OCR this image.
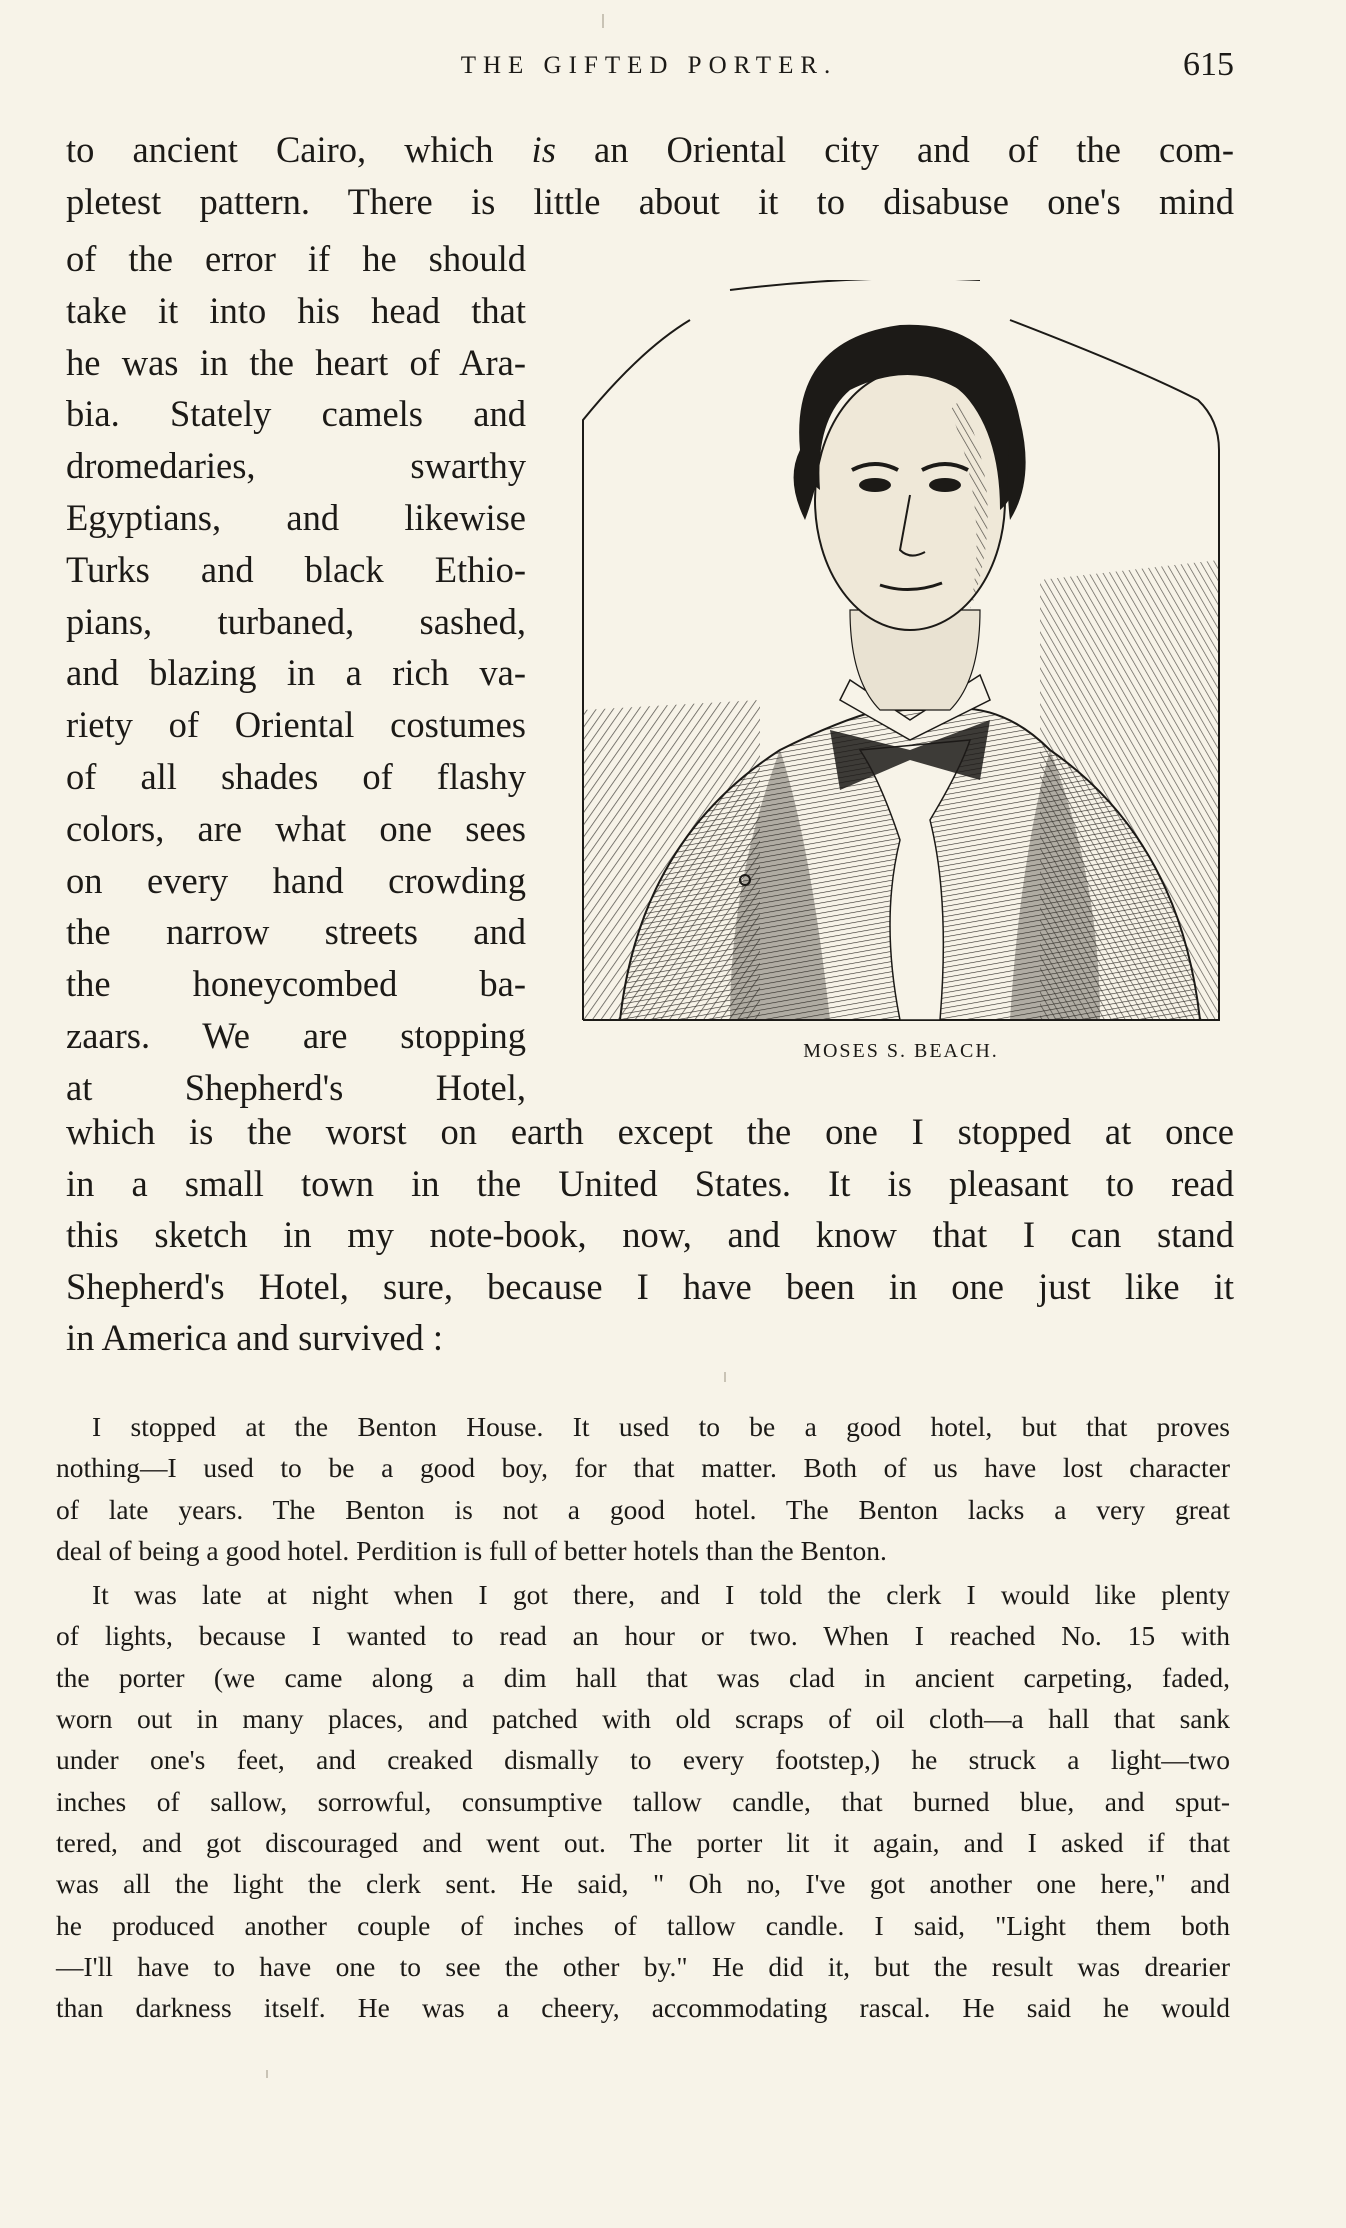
THE GIFTED PORTER.	615
to ancient Cairo, which is an Oriental city and of the com-
pletest pattern. There is little about it to disabuse one's mind
of the error if he should
take it into his head that
he was in the heart of Ara-
bia. Stately camels and
dromedaries, swarthy
Egyptians, and likewise
Turks and black Ethio-
pians, turbaned, sashed,
and blazing in a rich va-
riety of Oriental costumes
of all shades of flashy
colors, are what one sees
on every hand crowding
the narrow streets and
the honeycombed ba-
zaars. We are stopping
at Shepherd's Hotel,
MOSES S. BEACH.
which is the worst on earth except the one I stopped at once
in a small town in the United States. It is pleasant to read
this sketch in my note-book, now, and know that I can stand
Shepherd's Hotel, sure, because I have been in one just like it
in America and survived :
I stopped at the Benton House. It used to be a good hotel, but that proves
nothing—I used to be a good boy, for that matter. Both of us have lost character
of late years. The Benton is not a good hotel. The Benton lacks a very great
deal of being a good hotel. Perdition is full of better hotels than the Benton.
It was late at night when I got there, and I told the clerk I would like plenty
of lights, because I wanted to read an hour or two. When I reached No. 15 with
the porter (we came along a dim hall that was clad in ancient carpeting, faded,
worn out in many places, and patched with old scraps of oil cloth—a hall that sank
under one's feet, and creaked dismally to every footstep,) he struck a light—two
inches of sallow, sorrowful, consumptive tallow candle, that burned blue, and sput-
tered, and got discouraged and went out. The porter lit it again, and I asked if that
was all the light the clerk sent. He said, " Oh no, I've got another one here," and
he produced another couple of inches of tallow candle. I said, "Light them both
—I'll have to have one to see the other by." He did it, but the result was drearier
than darkness itself. He was a cheery, accommodating rascal. He said he would
